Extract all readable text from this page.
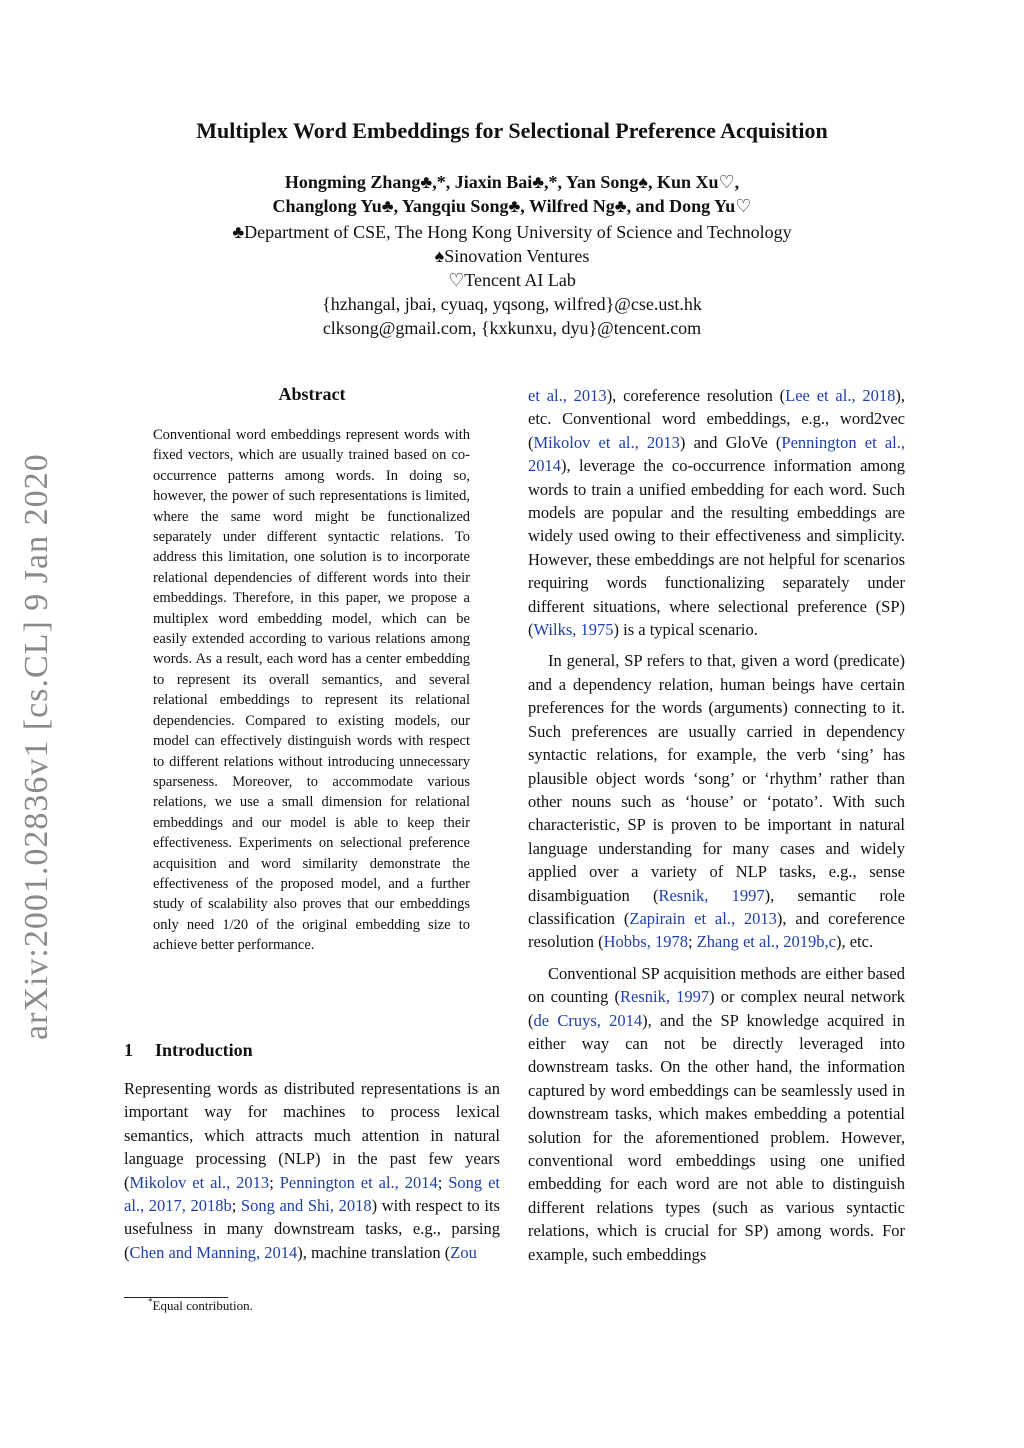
arXiv:2001.02836v1 [cs.CL] 9 Jan 2020
Multiplex Word Embeddings for Selectional Preference Acquisition
Hongming Zhang♣,*, Jiaxin Bai♣,*, Yan Song♠, Kun Xu♡,
Changlong Yu♣, Yangqiu Song♣, Wilfred Ng♣, and Dong Yu♡
♣Department of CSE, The Hong Kong University of Science and Technology
♠Sinovation Ventures
♡Tencent AI Lab
{hzhangal, jbai, cyuaq, yqsong, wilfred}@cse.ust.hk
clksong@gmail.com, {kxkunxu, dyu}@tencent.com
Abstract
Conventional word embeddings represent words with fixed vectors, which are usually trained based on co-occurrence patterns among words. In doing so, however, the power of such representations is limited, where the same word might be functionalized separately under different syntactic relations. To address this limitation, one solution is to incorporate relational dependencies of different words into their embeddings. Therefore, in this paper, we propose a multiplex word embedding model, which can be easily extended according to various relations among words. As a result, each word has a center embedding to represent its overall semantics, and several relational embeddings to represent its relational dependencies. Compared to existing models, our model can effectively distinguish words with respect to different relations without introducing unnecessary sparseness. Moreover, to accommodate various relations, we use a small dimension for relational embeddings and our model is able to keep their effectiveness. Experiments on selectional preference acquisition and word similarity demonstrate the effectiveness of the proposed model, and a further study of scalability also proves that our embeddings only need 1/20 of the original embedding size to achieve better performance.
1 Introduction

Representing words as distributed representations is an important way for machines to process lexical semantics, which attracts much attention in natural language processing (NLP) in the past few years (Mikolov et al., 2013; Pennington et al., 2014; Song et al., 2017, 2018b; Song and Shi, 2018) with respect to its usefulness in many downstream tasks, e.g., parsing (Chen and Manning, 2014), machine translation (Zou

et al., 2013), coreference resolution (Lee et al., 2018), etc. Conventional word embeddings, e.g., word2vec (Mikolov et al., 2013) and GloVe (Pennington et al., 2014), leverage the co-occurrence information among words to train a unified embedding for each word. Such models are popular and the resulting embeddings are widely used owing to their effectiveness and simplicity. However, these embeddings are not helpful for scenarios requiring words functionalizing separately under different situations, where selectional preference (SP) (Wilks, 1975) is a typical scenario.

In general, SP refers to that, given a word (predicate) and a dependency relation, human beings have certain preferences for the words (arguments) connecting to it. Such preferences are usually carried in dependency syntactic relations, for example, the verb ‘sing’ has plausible object words ‘song’ or ‘rhythm’ rather than other nouns such as ‘house’ or ‘potato’. With such characteristic, SP is proven to be important in natural language understanding for many cases and widely applied over a variety of NLP tasks, e.g., sense disambiguation (Resnik, 1997), semantic role classification (Zapirain et al., 2013), and coreference resolution (Hobbs, 1978; Zhang et al., 2019b,c), etc.

Conventional SP acquisition methods are either based on counting (Resnik, 1997) or complex neural network (de Cruys, 2014), and the SP knowledge acquired in either way can not be directly leveraged into downstream tasks. On the other hand, the information captured by word embeddings can be seamlessly used in downstream tasks, which makes embedding a potential solution for the aforementioned problem. However, conventional word embeddings using one unified embedding for each word are not able to distinguish different relations types (such as various syntactic relations, which is crucial for SP) among words. For example, such embeddings

*Equal contribution.
